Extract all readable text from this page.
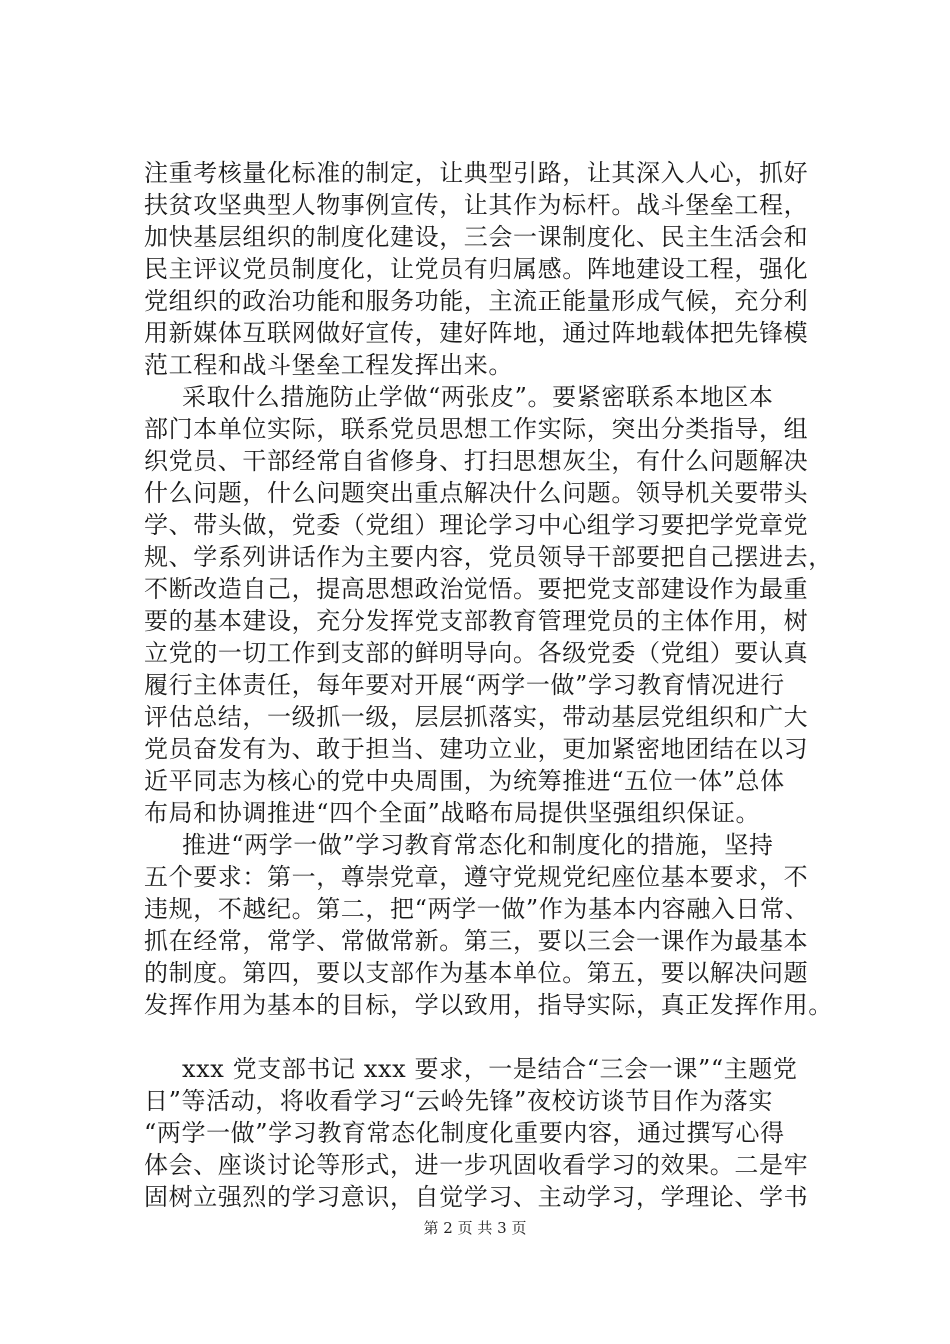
注重考核量化标准的制定，让典型引路，让其深入人心，抓好
扶贫攻坚典型人物事例宣传，让其作为标杆。战斗堡垒工程，
加快基层组织的制度化建设，三会一课制度化、民主生活会和
民主评议党员制度化，让党员有归属感。阵地建设工程，强化
党组织的政治功能和服务功能，主流正能量形成气候，充分利
用新媒体互联网做好宣传，建好阵地，通过阵地载体把先锋模
范工程和战斗堡垒工程发挥出来。
采取什么措施防止学做“两张皮”。要紧密联系本地区本
部门本单位实际，联系党员思想工作实际，突出分类指导，组
织党员、干部经常自省修身、打扫思想灰尘，有什么问题解决
什么问题，什么问题突出重点解决什么问题。领导机关要带头
学、带头做，党委（党组）理论学习中心组学习要把学党章党
规、学系列讲话作为主要内容，党员领导干部要把自己摆进去，
不断改造自己，提高思想政治觉悟。要把党支部建设作为最重
要的基本建设，充分发挥党支部教育管理党员的主体作用，树
立党的一切工作到支部的鲜明导向。各级党委（党组）要认真
履行主体责任，每年要对开展“两学一做”学习教育情况进行
评估总结，一级抓一级，层层抓落实，带动基层党组织和广大
党员奋发有为、敢于担当、建功立业，更加紧密地团结在以习
近平同志为核心的党中央周围，为统筹推进“五位一体”总体
布局和协调推进“四个全面”战略布局提供坚强组织保证。
推进“两学一做”学习教育常态化和制度化的措施，坚持
五个要求：第一，尊崇党章，遵守党规党纪座位基本要求，不
违规，不越纪。第二，把“两学一做”作为基本内容融入日常、
抓在经常，常学、常做常新。第三，要以三会一课作为最基本
的制度。第四，要以支部作为基本单位。第五，要以解决问题
发挥作用为基本的目标，学以致用，指导实际，真正发挥作用。
xxx 党支部书记 xxx 要求，一是结合“三会一课”“主题党
日”等活动，将收看学习“云岭先锋”夜校访谈节目作为落实
“两学一做”学习教育常态化制度化重要内容，通过撰写心得
体会、座谈讨论等形式，进一步巩固收看学习的效果。二是牢
固树立强烈的学习意识，自觉学习、主动学习，学理论、学书
第 2 页 共 3 页
